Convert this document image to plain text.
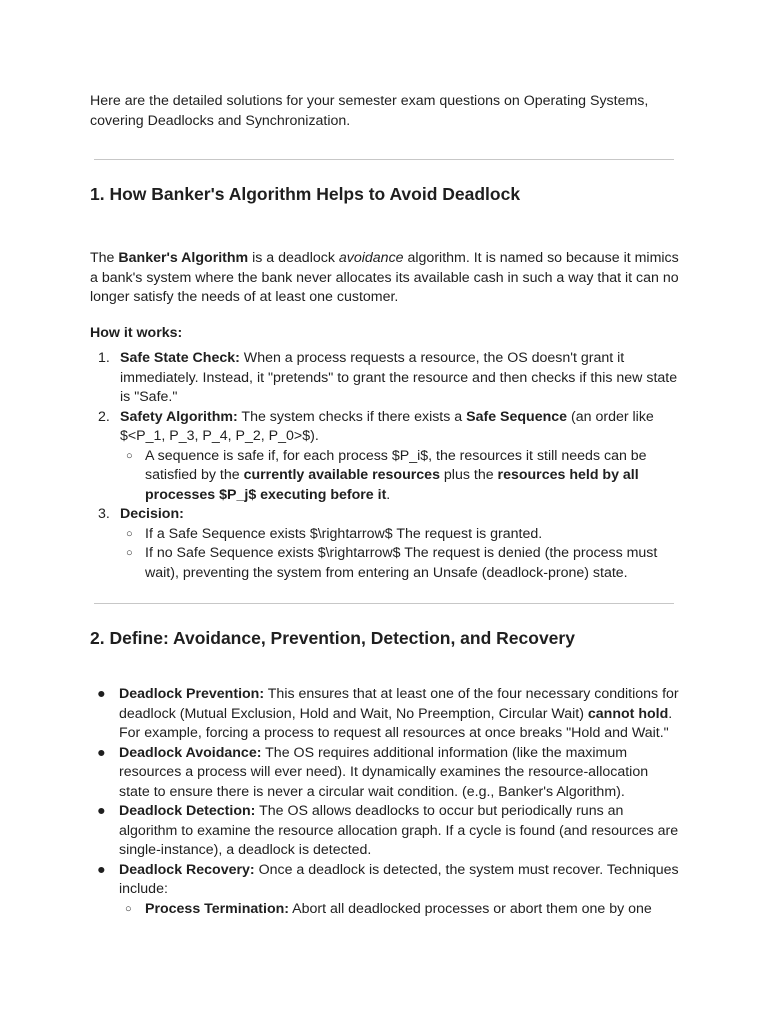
Here are the detailed solutions for your semester exam questions on Operating Systems, covering Deadlocks and Synchronization.

1. How Banker's Algorithm Helps to Avoid Deadlock

The Banker's Algorithm is a deadlock avoidance algorithm. It is named so because it mimics a bank's system where the bank never allocates its available cash in such a way that it can no longer satisfy the needs of at least one customer.

How it works:

1. Safe State Check: When a process requests a resource, the OS doesn't grant it immediately. Instead, it "pretends" to grant the resource and then checks if this new state is "Safe."
2. Safety Algorithm: The system checks if there exists a Safe Sequence (an order like $<P_1, P_3, P_4, P_2, P_0>$).
○ A sequence is safe if, for each process $P_i$, the resources it still needs can be satisfied by the currently available resources plus the resources held by all processes $P_j$ executing before it.
3. Decision:
○ If a Safe Sequence exists $\rightarrow$ The request is granted.
○ If no Safe Sequence exists $\rightarrow$ The request is denied (the process must wait), preventing the system from entering an Unsafe (deadlock-prone) state.
2. Define: Avoidance, Prevention, Detection, and Recovery
● Deadlock Prevention: This ensures that at least one of the four necessary conditions for deadlock (Mutual Exclusion, Hold and Wait, No Preemption, Circular Wait) cannot hold. For example, forcing a process to request all resources at once breaks "Hold and Wait."
● Deadlock Avoidance: The OS requires additional information (like the maximum resources a process will ever need). It dynamically examines the resource-allocation state to ensure there is never a circular wait condition. (e.g., Banker's Algorithm).
● Deadlock Detection: The OS allows deadlocks to occur but periodically runs an algorithm to examine the resource allocation graph. If a cycle is found (and resources are single-instance), a deadlock is detected.
● Deadlock Recovery: Once a deadlock is detected, the system must recover. Techniques include:
○ Process Termination: Abort all deadlocked processes or abort them one by one
